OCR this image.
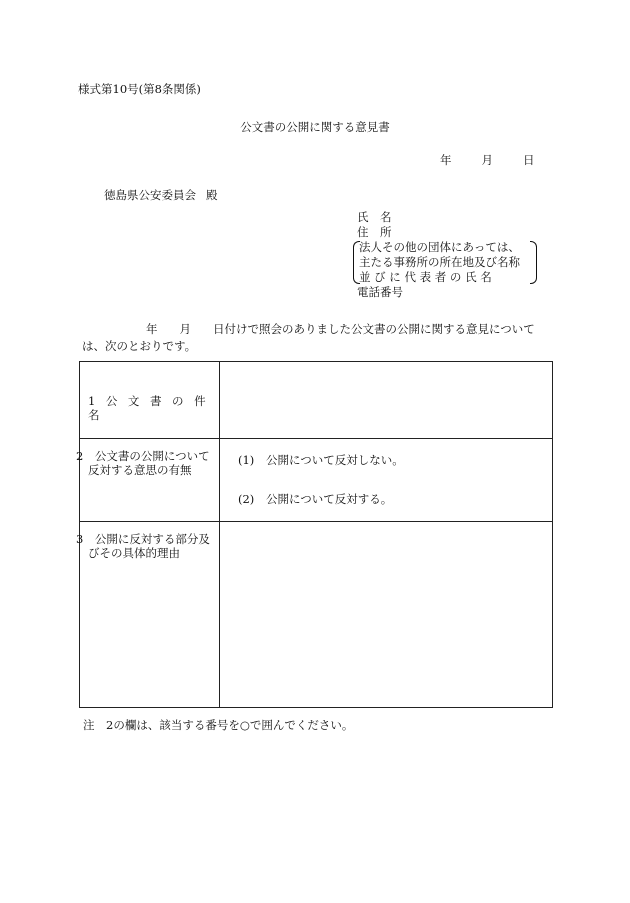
様式第10号(第8条関係)
公文書の公開に関する意見書
年	月	日
徳島県公安委員会 殿
氏　名
住　所
法人その他の団体にあっては、
主たる事務所の所在地及び名称
並 び に 代 表 者 の 氏 名
電話番号
年 月 日付けで照会のありました公文書の公開に関する意見については、次のとおりです。
1 公 文 書 の 件 名	

2　公文書の公開について反対する意思の有無	(1) 公開について反対しない。
(2) 公開について反対する。

3　公開に反対する部分及びその具体的理由	

注　2の欄は、該当する番号を○で囲んでください。
